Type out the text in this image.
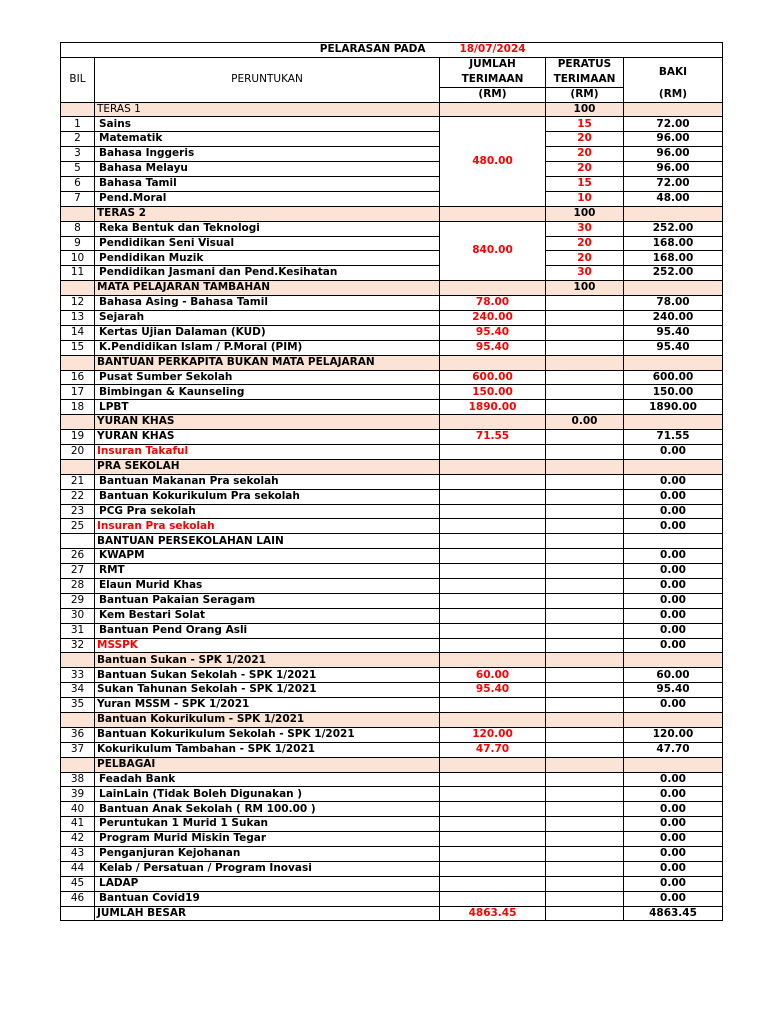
	PELARASAN PADA	18/07/2024		
BIL	PERUNTUKAN	JUMLAH	PERATUS	BAKI
		TERIMAAN	TERIMAAN	
		(RM)	(RM)	(RM)
	TERAS 1		100	
1	Sains	480.00	15	72.00
2	Matematik		20	96.00
3	Bahasa Inggeris		20	96.00
5	Bahasa Melayu		20	96.00
6	Bahasa Tamil		15	72.00
7	Pend.Moral		10	48.00
	TERAS 2		100	
8	Reka Bentuk dan Teknologi	840.00	30	252.00
9	Pendidikan Seni Visual		20	168.00
10	Pendidikan Muzik		20	168.00
11	Pendidikan Jasmani dan Pend.Kesihatan		30	252.00
	MATA PELAJARAN TAMBAHAN		100	
12	Bahasa Asing - Bahasa Tamil	78.00		78.00
13	Sejarah	240.00		240.00
14	Kertas Ujian Dalaman (KUD)	95.40		95.40
15	K.Pendidikan Islam / P.Moral (PIM)	95.40		95.40
	BANTUAN PERKAPITA BUKAN MATA PELAJARAN			
16	Pusat Sumber Sekolah	600.00		600.00
17	Bimbingan & Kaunseling	150.00		150.00
18	LPBT	1890.00		1890.00
	YURAN KHAS		0.00	
19	YURAN KHAS	71.55		71.55
20	Insuran Takaful			0.00
	PRA SEKOLAH			
21	Bantuan Makanan Pra sekolah			0.00
22	Bantuan Kokurikulum Pra sekolah			0.00
23	PCG Pra sekolah			0.00
25	Insuran Pra sekolah			0.00
	BANTUAN PERSEKOLAHAN LAIN			
26	KWAPM			0.00
27	RMT			0.00
28	Elaun Murid Khas			0.00
29	Bantuan Pakaian Seragam			0.00
30	Kem Bestari Solat			0.00
31	Bantuan Pend Orang Asli			0.00
32	MSSPK			0.00
	Bantuan Sukan - SPK 1/2021			
33	Bantuan Sukan Sekolah - SPK 1/2021	60.00		60.00
34	Sukan Tahunan Sekolah - SPK 1/2021	95.40		95.40
35	Yuran MSSM - SPK 1/2021			0.00
	Bantuan Kokurikulum - SPK 1/2021			
36	Bantuan Kokurikulum Sekolah - SPK 1/2021	120.00		120.00
37	Kokurikulum Tambahan - SPK 1/2021	47.70		47.70
	PELBAGAI			
38	Feadah Bank			0.00
39	LainLain (Tidak Boleh Digunakan )			0.00
40	Bantuan Anak Sekolah ( RM 100.00 )			0.00
41	Peruntukan 1 Murid 1 Sukan			0.00
42	Program Murid Miskin Tegar			0.00
43	Penganjuran Kejohanan			0.00
44	Kelab / Persatuan / Program Inovasi			0.00
45	LADAP			0.00
46	Bantuan Covid19			0.00
	JUMLAH BESAR	4863.45		4863.45
